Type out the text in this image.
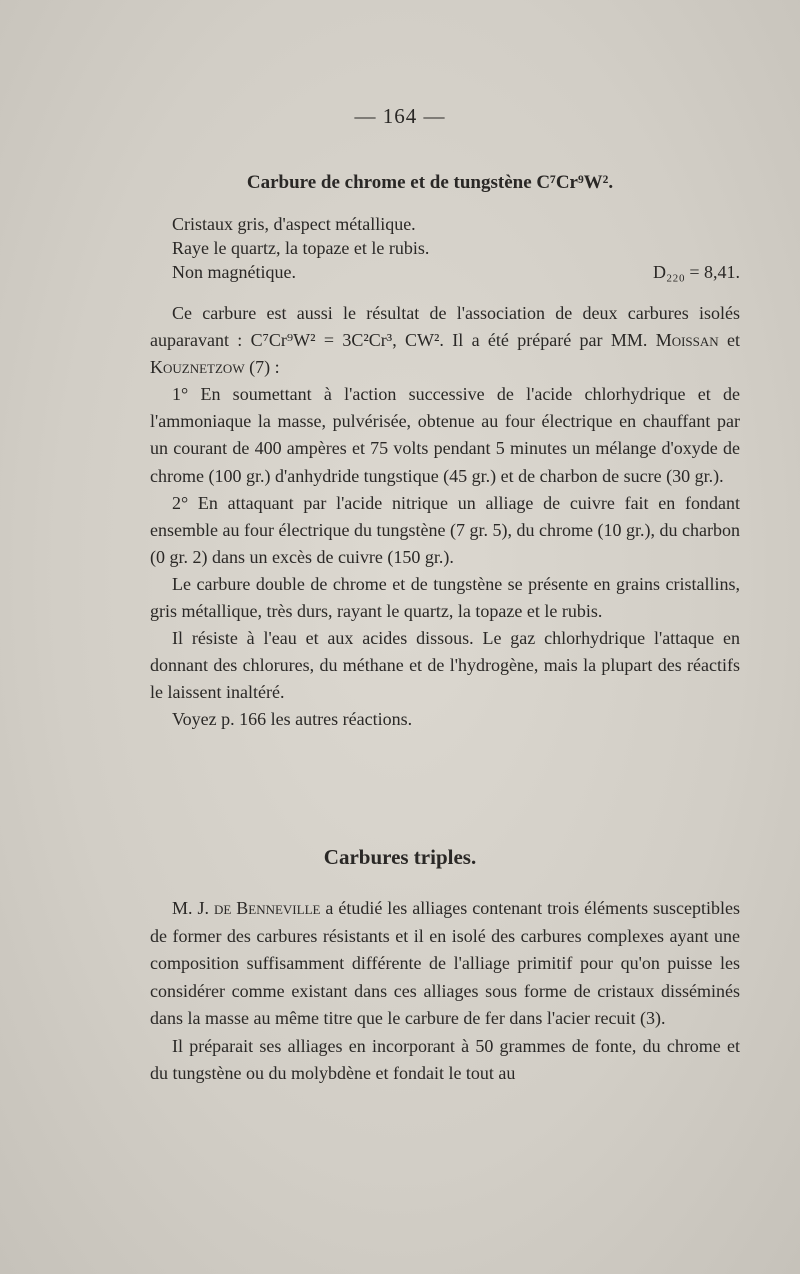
— 164 —
Carbure de chrome et de tungstène C⁷Cr⁹W².
Cristaux gris, d'aspect métallique.
Raye le quartz, la topaze et le rubis.
Non magnétique.	D₂₂₀ = 8,41.

Ce carbure est aussi le résultat de l'association de deux carbures isolés auparavant : C⁷Cr⁹W² = 3C²Cr³, CW². Il a été préparé par MM. Moissan et Kouznetzow (7) :

1° En soumettant à l'action successive de l'acide chlorhydrique et de l'ammoniaque la masse, pulvérisée, obtenue au four électrique en chauffant par un courant de 400 ampères et 75 volts pendant 5 minutes un mélange d'oxyde de chrome (100 gr.) d'anhydride tungstique (45 gr.) et de charbon de sucre (30 gr.).

2° En attaquant par l'acide nitrique un alliage de cuivre fait en fondant ensemble au four électrique du tungstène (7 gr. 5), du chrome (10 gr.), du charbon (0 gr. 2) dans un excès de cuivre (150 gr.).

Le carbure double de chrome et de tungstène se présente en grains cristallins, gris métallique, très durs, rayant le quartz, la topaze et le rubis.

Il résiste à l'eau et aux acides dissous. Le gaz chlorhydrique l'attaque en donnant des chlorures, du méthane et de l'hydrogène, mais la plupart des réactifs le laissent inaltéré.

Voyez p. 166 les autres réactions.

Carbures triples.

M. J. de Benneville a étudié les alliages contenant trois éléments susceptibles de former des carbures résistants et il en isolé des carbures complexes ayant une composition suffisamment différente de l'alliage primitif pour qu'on puisse les considérer comme existant dans ces alliages sous forme de cristaux disséminés dans la masse au même titre que le carbure de fer dans l'acier recuit (3).

Il préparait ses alliages en incorporant à 50 grammes de fonte, du chrome et du tungstène ou du molybdène et fondait le tout au
